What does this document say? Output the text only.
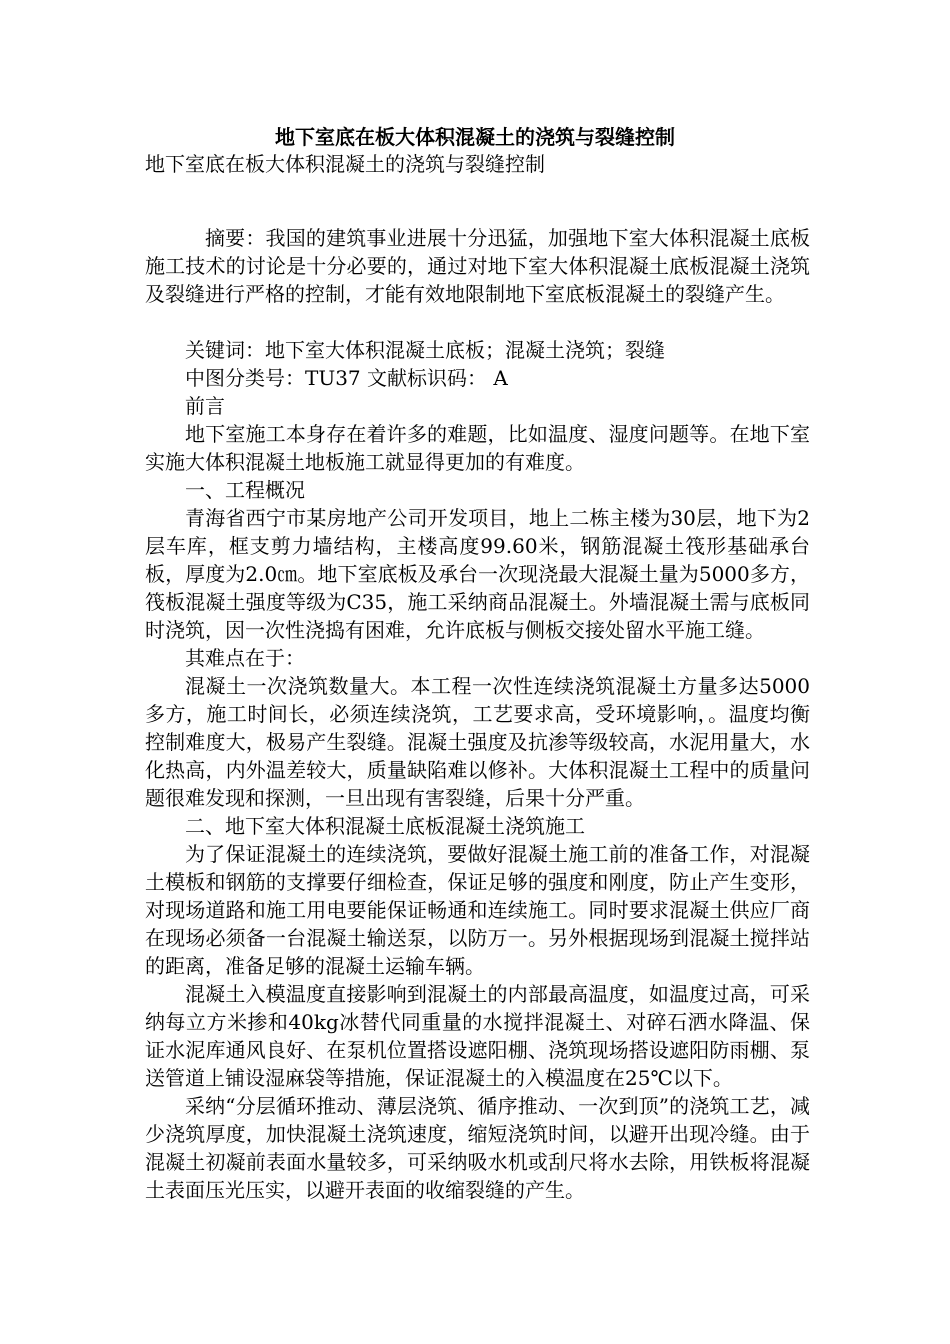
地下室底在板大体积混凝土的浇筑与裂缝控制
地下室底在板大体积混凝土的浇筑与裂缝控制

摘要：我国的建筑事业进展十分迅猛，加强地下室大体积混凝土底板施工技术的讨论是十分必要的，通过对地下室大体积混凝土底板混凝土浇筑及裂缝进行严格的控制，才能有效地限制地下室底板混凝土的裂缝产生。

关键词：地下室大体积混凝土底板；混凝土浇筑；裂缝

中图分类号：TU37 文献标识码： A

前言

地下室施工本身存在着许多的难题，比如温度、湿度问题等。在地下室实施大体积混凝土地板施工就显得更加的有难度。

一、工程概况

青海省西宁市某房地产公司开发项目，地上二栋主楼为30层，地下为2层车库，框支剪力墙结构，主楼高度99.60米，钢筋混凝土筏形基础承台板，厚度为2.0㎝。地下室底板及承台一次现浇最大混凝土量为5000多方，筏板混凝土强度等级为C35，施工采纳商品混凝土。外墙混凝土需与底板同时浇筑，因一次性浇捣有困难，允许底板与侧板交接处留水平施工缝。

其难点在于：

混凝土一次浇筑数量大。本工程一次性连续浇筑混凝土方量多达5000多方，施工时间长，必须连续浇筑，工艺要求高，受环境影响，。温度均衡控制难度大，极易产生裂缝。混凝土强度及抗渗等级较高，水泥用量大，水化热高，内外温差较大，质量缺陷难以修补。大体积混凝土工程中的质量问题很难发现和探测，一旦出现有害裂缝，后果十分严重。

二、地下室大体积混凝土底板混凝土浇筑施工

为了保证混凝土的连续浇筑，要做好混凝土施工前的准备工作，对混凝土模板和钢筋的支撑要仔细检查，保证足够的强度和刚度，防止产生变形，对现场道路和施工用电要能保证畅通和连续施工。同时要求混凝土供应厂商在现场必须备一台混凝土输送泵，以防万一。另外根据现场到混凝土搅拌站的距离，准备足够的混凝土运输车辆。

混凝土入模温度直接影响到混凝土的内部最高温度，如温度过高，可采纳每立方米掺和40kg冰替代同重量的水搅拌混凝土、对碎石洒水降温、保证水泥库通风良好、在泵机位置搭设遮阳棚、浇筑现场搭设遮阳防雨棚、泵送管道上铺设湿麻袋等措施，保证混凝土的入模温度在25℃以下。

采纳“分层循环推动、薄层浇筑、循序推动、一次到顶”的浇筑工艺，减少浇筑厚度，加快混凝土浇筑速度，缩短浇筑时间，以避开出现冷缝。由于混凝土初凝前表面水量较多，可采纳吸水机或刮尺将水去除，用铁板将混凝土表面压光压实，以避开表面的收缩裂缝的产生。
